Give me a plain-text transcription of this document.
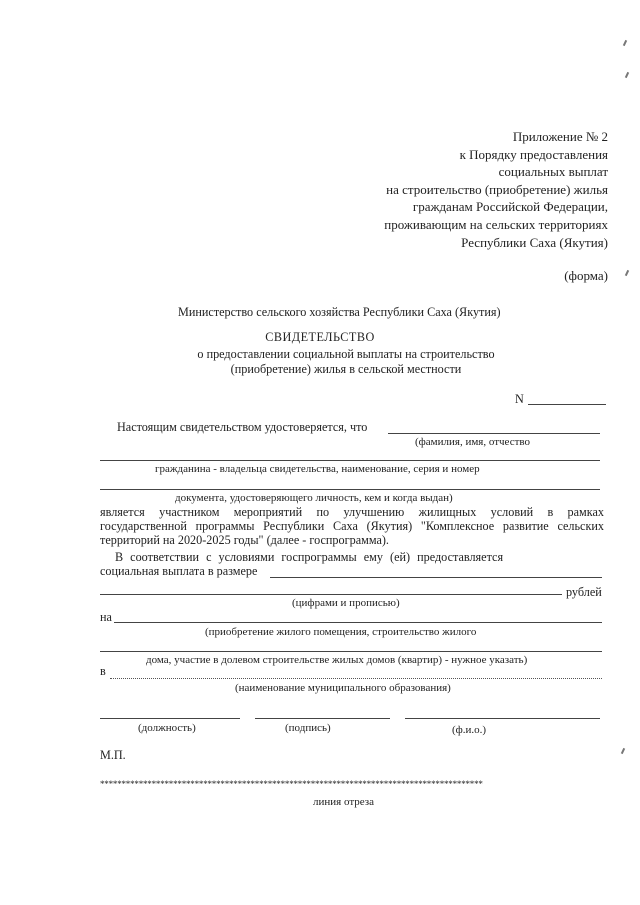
Приложение № 2
к Порядку предоставления
социальных выплат
на строительство (приобретение) жилья
гражданам Российской Федерации,
проживающим на сельских территориях
Республики Саха (Якутия)
(форма)
Министерство сельского хозяйства Республики Саха (Якутия)
СВИДЕТЕЛЬСТВО
о предоставлении социальной выплаты на строительство
(приобретение) жилья в сельской местности
N
Настоящим свидетельством удостоверяется, что
(фамилия, имя, отчество
гражданина - владельца свидетельства, наименование, серия и номер
документа, удостоверяющего личность, кем и когда выдан)
является участником мероприятий по улучшению жилищных условий в рамках
государственной программы Республики Саха (Якутия) "Комплексное развитие сельских
территорий на 2020-2025 годы" (далее - госпрограмма).
В соответствии с условиями госпрограммы ему (ей) предоставляется
социальная выплата в размере
рублей
(цифрами и прописью)
на
(приобретение жилого помещения, строительство жилого
дома, участие в долевом строительстве жилых домов (квартир) - нужное указать)
в
(наименование муниципального образования)
(должность)	(подпись)	(ф.и.о.)
М.П.
*****************************************************************************************
линия отреза
